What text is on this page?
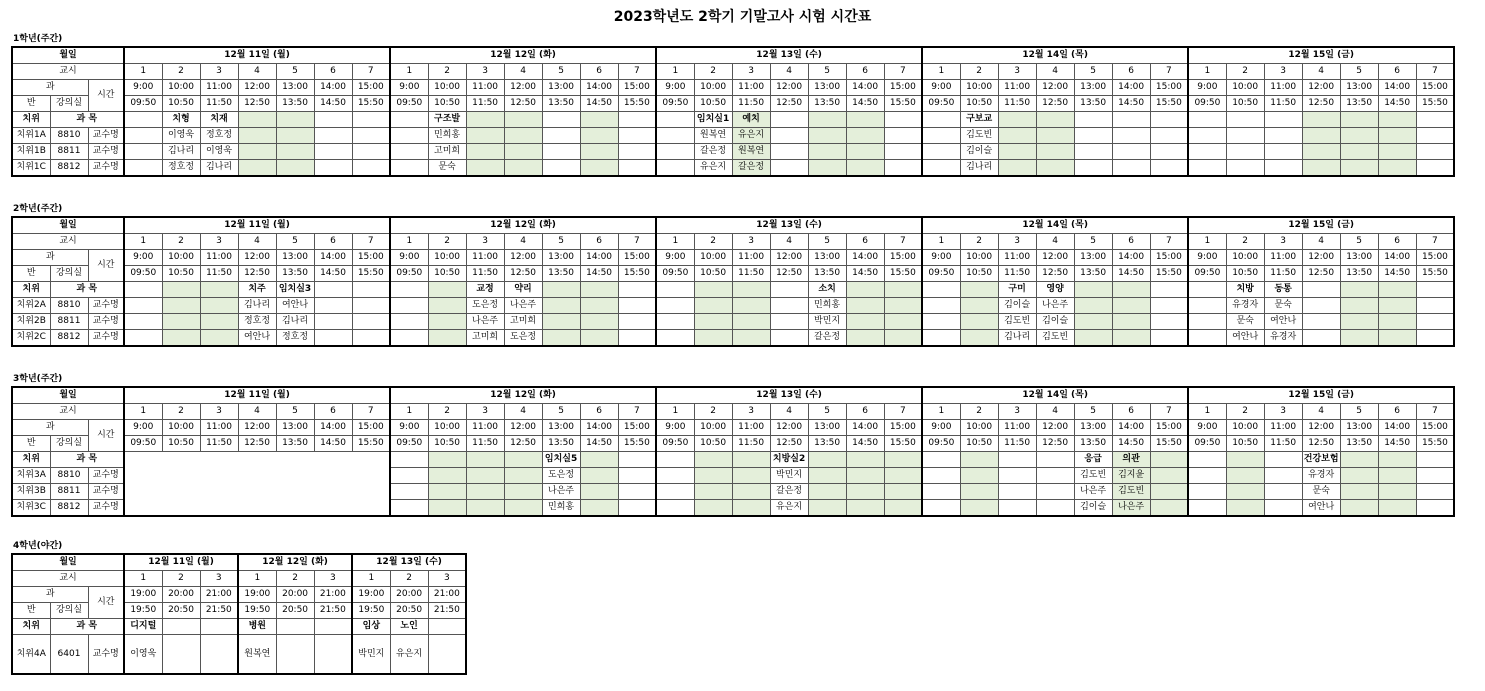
2023학년도 2학기 기말고사 시험 시간표
1학년(주간)
월일			12월 11일 (월)							12월 12일 (화)							12월 13일 (수)							12월 14일 (목)							12월 15일 (금)						
교시			1	2	3	4	5	6	7	1	2	3	4	5	6	7	1	2	3	4	5	6	7	1	2	3	4	5	6	7	1	2	3	4	5	6	7
과		시간	9:00	10:00	11:00	12:00	13:00	14:00	15:00	9:00	10:00	11:00	12:00	13:00	14:00	15:00	9:00	10:00	11:00	12:00	13:00	14:00	15:00	9:00	10:00	11:00	12:00	13:00	14:00	15:00	9:00	10:00	11:00	12:00	13:00	14:00	15:00
반	강의실		09:50	10:50	11:50	12:50	13:50	14:50	15:50	09:50	10:50	11:50	12:50	13:50	14:50	15:50	09:50	10:50	11:50	12:50	13:50	14:50	15:50	09:50	10:50	11:50	12:50	13:50	14:50	15:50	09:50	10:50	11:50	12:50	13:50	14:50	15:50
치위	과 목			치형	치재						구조발							임치실1	예치						구보교												
치위1A	8810	교수명		이영욱	정호정						민희홍							원복연	유은지						김도빈												
치위1B	8811	교수명		김나리	이영욱						고미희							갈은정	원복연						김이슬												
치위1C	8812	교수명		정호정	김나리						문숙							유은지	갈은정						김나리												
2학년(주간)
월일			12월 11일 (월)							12월 12일 (화)							12월 13일 (수)							12월 14일 (목)							12월 15일 (금)						
교시			1	2	3	4	5	6	7	1	2	3	4	5	6	7	1	2	3	4	5	6	7	1	2	3	4	5	6	7	1	2	3	4	5	6	7
과		시간	9:00	10:00	11:00	12:00	13:00	14:00	15:00	9:00	10:00	11:00	12:00	13:00	14:00	15:00	9:00	10:00	11:00	12:00	13:00	14:00	15:00	9:00	10:00	11:00	12:00	13:00	14:00	15:00	9:00	10:00	11:00	12:00	13:00	14:00	15:00
반	강의실		09:50	10:50	11:50	12:50	13:50	14:50	15:50	09:50	10:50	11:50	12:50	13:50	14:50	15:50	09:50	10:50	11:50	12:50	13:50	14:50	15:50	09:50	10:50	11:50	12:50	13:50	14:50	15:50	09:50	10:50	11:50	12:50	13:50	14:50	15:50
치위	과 목					치주	임치실3					교정	약리								소치					구미	영양					치방	동통				
치위2A	8810	교수명				김나리	여안나					도은정	나은주								민희홍					김이슬	나은주					유경자	문숙				
치위2B	8811	교수명				정호정	김나리					나은주	고미희								박민지					김도빈	김이슬					문숙	여안나				
치위2C	8812	교수명				여안나	정호정					고미희	도은정								갈은정					김나리	김도빈					여안나	유경자				
3학년(주간)
월일			12월 11일 (월)							12월 12일 (화)							12월 13일 (수)							12월 14일 (목)							12월 15일 (금)						
교시			1	2	3	4	5	6	7	1	2	3	4	5	6	7	1	2	3	4	5	6	7	1	2	3	4	5	6	7	1	2	3	4	5	6	7
과		시간	9:00	10:00	11:00	12:00	13:00	14:00	15:00	9:00	10:00	11:00	12:00	13:00	14:00	15:00	9:00	10:00	11:00	12:00	13:00	14:00	15:00	9:00	10:00	11:00	12:00	13:00	14:00	15:00	9:00	10:00	11:00	12:00	13:00	14:00	15:00
반	강의실		09:50	10:50	11:50	12:50	13:50	14:50	15:50	09:50	10:50	11:50	12:50	13:50	14:50	15:50	09:50	10:50	11:50	12:50	13:50	14:50	15:50	09:50	10:50	11:50	12:50	13:50	14:50	15:50	09:50	10:50	11:50	12:50	13:50	14:50	15:50
치위	과 목													임치실5						치방실2								응급	의관					건강보험			
치위3A	8810	교수명												도은정						박민지								김도빈	김지윤					유경자			
치위3B	8811	교수명												나은주						갈은정								나은주	김도빈					문숙			
치위3C	8812	교수명												민희홍						유은지								김이슬	나은주					여안나			
4학년(야간)
월일			12월 11일 (월)			12월 12일 (화)			12월 13일 (수)		
교시			1	2	3	1	2	3	1	2	3
과		시간	19:00	20:00	21:00	19:00	20:00	21:00	19:00	20:00	21:00
반	강의실		19:50	20:50	21:50	19:50	20:50	21:50	19:50	20:50	21:50
치위	과 목		디지털			병원			임상	노인	
치위4A	6401	교수명	이영욱			원복연			박민지	유은지	
